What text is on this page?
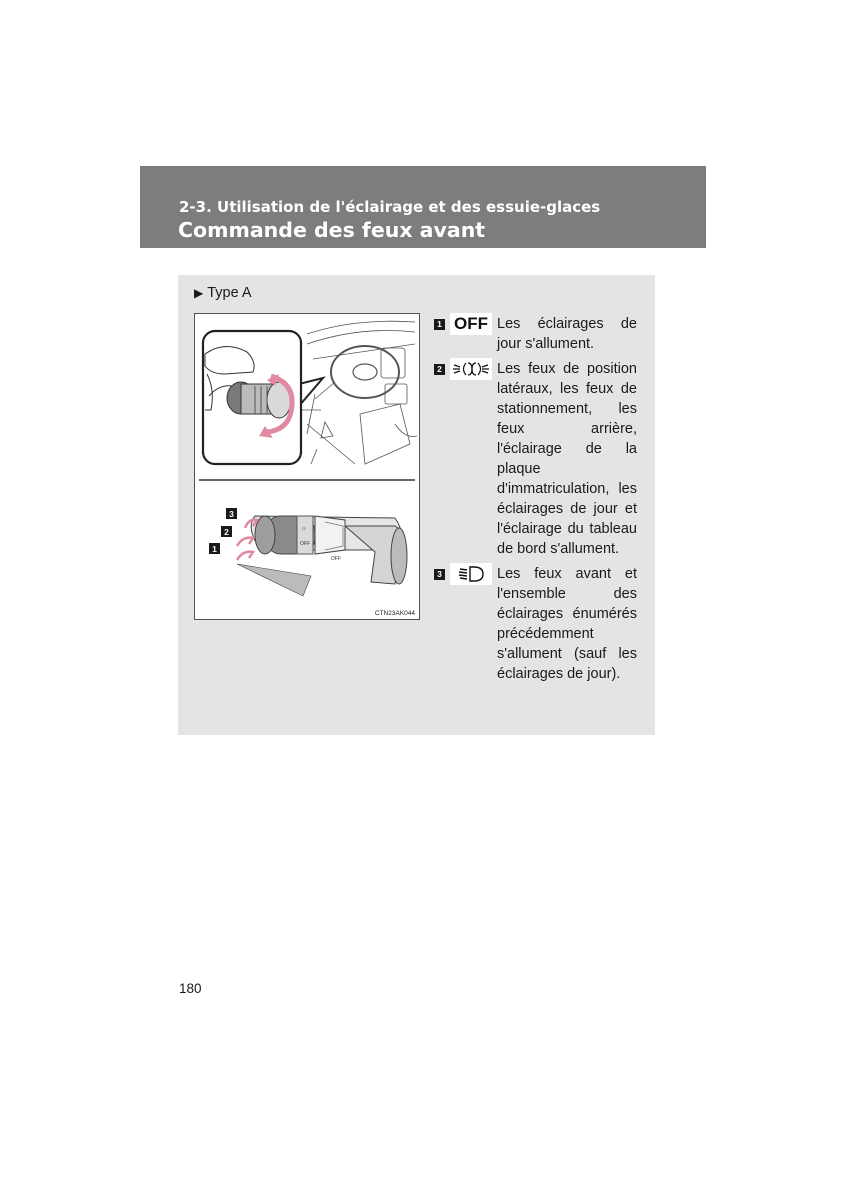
2-3. Utilisation de l'éclairage et des essuie-glaces
Commande des feux avant
▶ Type A
☼
OFF
OFF
3
2
1
CTN23AK044
1 OFF Les éclairages de jour s'allument.
2	Les feux de position latéraux, les feux de stationnement, les feux arrière, l'éclairage de la plaque d'immatriculation, les éclairages de jour et l'éclairage du tableau de bord s'allument.
3	Les feux avant et l'ensemble des éclairages énumérés précédemment s'allument (sauf les éclairages de jour).
180
